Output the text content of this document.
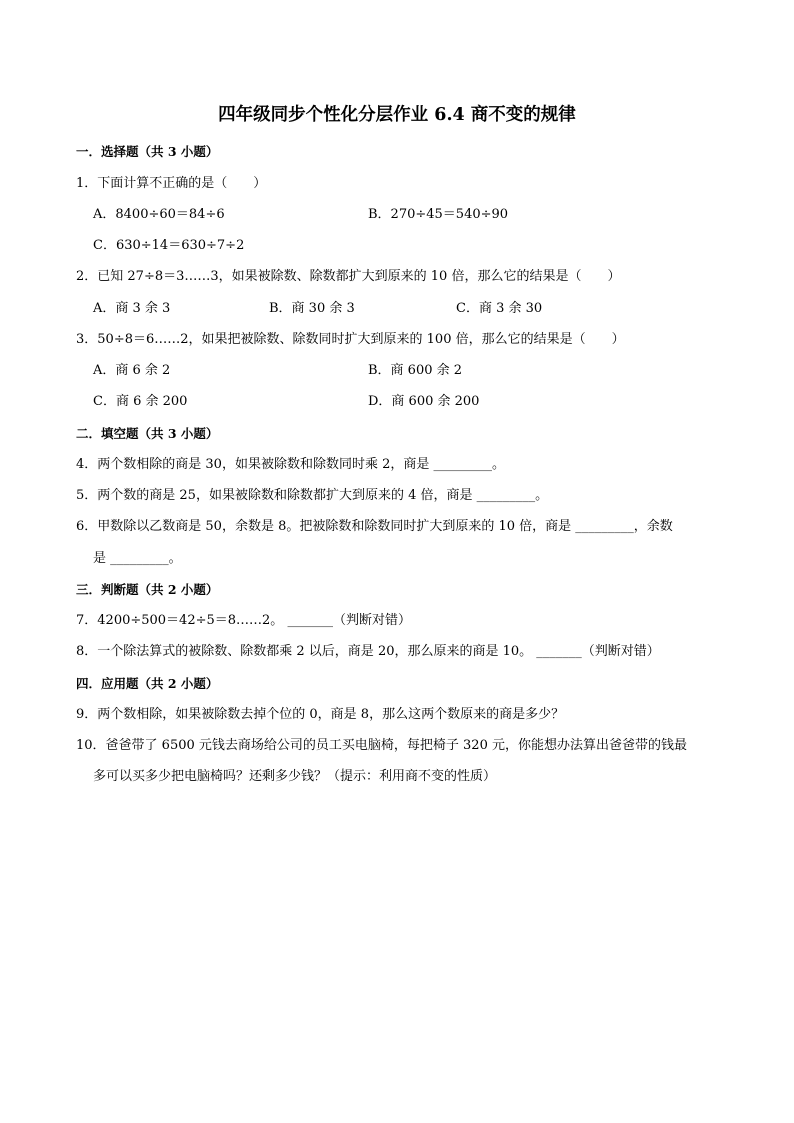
四年级同步个性化分层作业 6.4 商不变的规律
一．选择题（共 3 小题）
1．下面计算不正确的是（　　）
A．8400÷60＝84÷6	B．270÷45＝540÷90
C．630÷14＝630÷7÷2
2．已知 27÷8＝3……3，如果被除数、除数都扩大到原来的 10 倍，那么它的结果是（　　）
A．商 3 余 3	B．商 30 余 3	C．商 3 余 30
3．50÷8＝6……2，如果把被除数、除数同时扩大到原来的 100 倍，那么它的结果是（　　）
A．商 6 余 2	B．商 600 余 2
C．商 6 余 200	D．商 600 余 200
二．填空题（共 3 小题）
4．两个数相除的商是 30，如果被除数和除数同时乘 2，商是 _________。
5．两个数的商是 25，如果被除数和除数都扩大到原来的 4 倍，商是 _________。
6．甲数除以乙数商是 50，余数是 8。把被除数和除数同时扩大到原来的 10 倍，商是 _________，余数
是 _________。
三．判断题（共 2 小题）
7．4200÷500＝42÷5＝8……2。 _______（判断对错）
8．一个除法算式的被除数、除数都乘 2 以后，商是 20，那么原来的商是 10。 _______（判断对错）
四．应用题（共 2 小题）
9．两个数相除，如果被除数去掉个位的 0，商是 8，那么这两个数原来的商是多少？
10．爸爸带了 6500 元钱去商场给公司的员工买电脑椅，每把椅子 320 元，你能想办法算出爸爸带的钱最
多可以买多少把电脑椅吗？还剩多少钱？（提示：利用商不变的性质）
